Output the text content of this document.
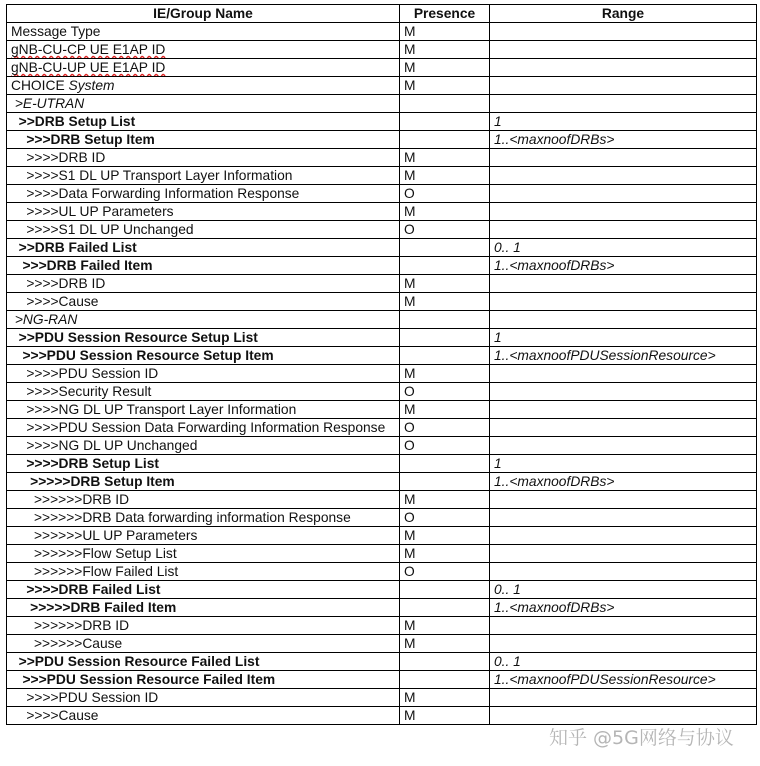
IE/Group Name	Presence	Range
Message Type	M	
gNB-CU-CP UE E1AP ID	M	
gNB-CU-UP UE E1AP ID	M	
CHOICE System	M	
>E-UTRAN		
>>DRB Setup List		1
>>>DRB Setup Item		1..<maxnoofDRBs>
>>>>DRB ID	M	
>>>>S1 DL UP Transport Layer Information	M	
>>>>Data Forwarding Information Response	O	
>>>>UL UP Parameters	M	
>>>>S1 DL UP Unchanged	O	
>>DRB Failed List		0.. 1
>>>DRB Failed Item		1..<maxnoofDRBs>
>>>>DRB ID	M	
>>>>Cause	M	
>NG-RAN		
>>PDU Session Resource Setup List		1
>>>PDU Session Resource Setup Item		1..<maxnoofPDUSessionResource>
>>>>PDU Session ID	M	
>>>>Security Result	O	
>>>>NG DL UP Transport Layer Information	M	
>>>>PDU Session Data Forwarding Information Response	O	
>>>>NG DL UP Unchanged	O	
>>>>DRB Setup List		1
>>>>>DRB Setup Item		1..<maxnoofDRBs>
>>>>>>DRB ID	M	
>>>>>>DRB Data forwarding information Response	O	
>>>>>>UL UP Parameters	M	
>>>>>>Flow Setup List	M	
>>>>>>Flow Failed List	O	
>>>>DRB Failed List		0.. 1
>>>>>DRB Failed Item		1..<maxnoofDRBs>
>>>>>>DRB ID	M	
>>>>>>Cause	M	
>>PDU Session Resource Failed List		0.. 1
>>>PDU Session Resource Failed Item		1..<maxnoofPDUSessionResource>
>>>>PDU Session ID	M	
>>>>Cause	M	
知乎 @5G网络与协议
